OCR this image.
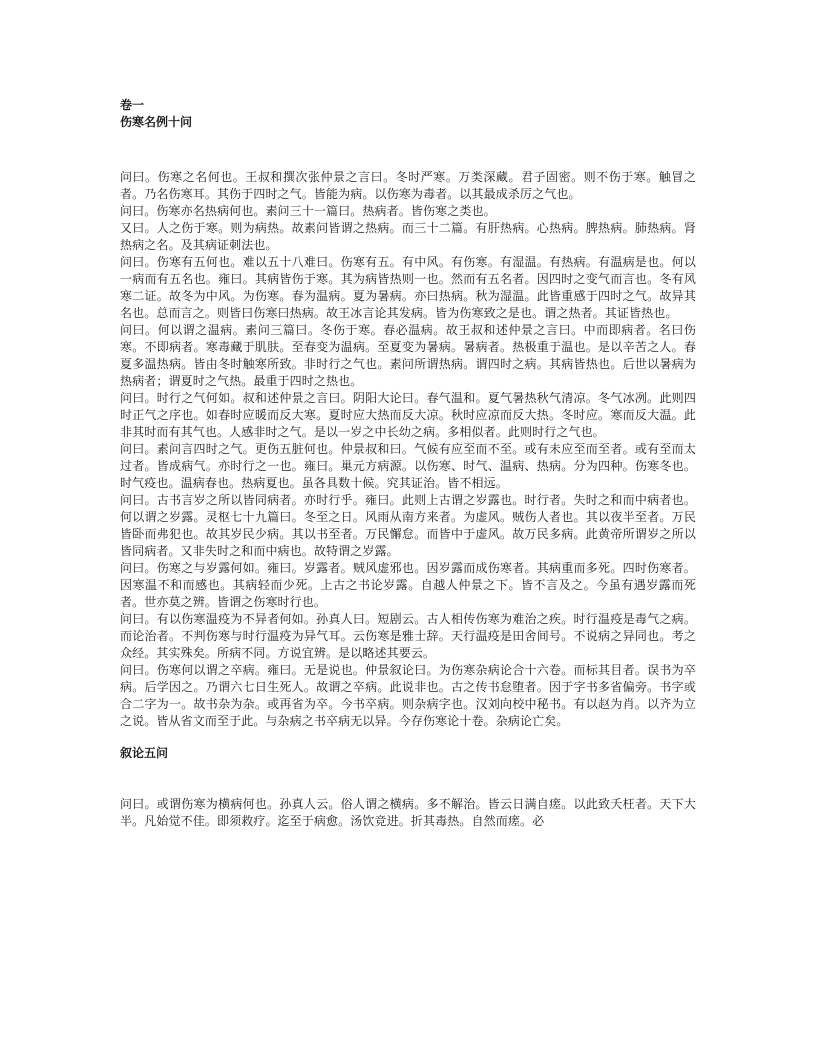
卷一
伤寒名例十问

问曰。伤寒之名何也。王叔和撰次张仲景之言曰。冬时严寒。万类深藏。君子固密。则不伤于寒。触冒之者。乃名伤寒耳。其伤于四时之气。皆能为病。以伤寒为毒者。以其最成杀厉之气也。

问曰。伤寒亦名热病何也。素问三十一篇曰。热病者。皆伤寒之类也。

又曰。人之伤于寒。则为病热。故素问皆谓之热病。而三十二篇。有肝热病。心热病。脾热病。肺热病。肾热病之名。及其病证刺法也。

问曰。伤寒有五何也。难以五十八难曰。伤寒有五。有中风。有伤寒。有湿温。有热病。有温病是也。何以一病而有五名也。雍曰。其病皆伤于寒。其为病皆热则一也。然而有五名者。因四时之变气而言也。冬有风寒二证。故冬为中风。为伤寒。春为温病。夏为暑病。亦曰热病。秋为湿温。此皆重感于四时之气。故异其名也。总而言之。则皆曰伤寒曰热病。故王冰言论其发病。皆为伤寒致之是也。谓之热者。其证皆热也。

问曰。何以谓之温病。素问三篇曰。冬伤于寒。春必温病。故王叔和述仲景之言曰。中而即病者。名曰伤寒。不即病者。寒毒藏于肌肤。至春变为温病。至夏变为暑病。暑病者。热极重于温也。是以辛苦之人。春夏多温热病。皆由冬时触寒所致。非时行之气也。素问所谓热病。谓四时之病。其病皆热也。后世以暑病为热病者；谓夏时之气热。最重于四时之热也。

问曰。时行之气何如。叔和述仲景之言曰。阴阳大论曰。春气温和。夏气暑热秋气清凉。冬气冰冽。此则四时正气之序也。如春时应暖而反大寒。夏时应大热而反大凉。秋时应凉而反大热。冬时应。寒而反大温。此非其时而有其气也。人感非时之气。是以一岁之中长幼之病。多相似者。此则时行之气也。

问曰。素问言四时之气。更伤五脏何也。仲景叔和曰。气候有应至而不至。或有未应至而至者。或有至而太过者。皆成病气。亦时行之一也。雍曰。巢元方病源。以伤寒、时气、温病、热病。分为四种。伤寒冬也。时气疫也。温病春也。热病夏也。虽各具数十候。究其证治。皆不相远。

问曰。古书言岁之所以皆同病者。亦时行乎。雍曰。此则上古谓之岁露也。时行者。失时之和而中病者也。何以谓之岁露。灵枢七十九篇曰。冬至之日。风雨从南方来者。为虚风。贼伤人者也。其以夜半至者。万民皆卧而弗犯也。故其岁民少病。其以书至者。万民懈怠。而皆中于虚风。故万民多病。此黄帝所谓岁之所以皆同病者。又非失时之和而中病也。故特谓之岁露。

问曰。伤寒之与岁露何如。雍曰。岁露者。贼风虚邪也。因岁露而成伤寒者。其病重而多死。四时伤寒者。因寒温不和而感也。其病轻而少死。上古之书论岁露。自越人仲景之下。皆不言及之。今虽有遇岁露而死者。世亦莫之辨。皆谓之伤寒时行也。

问曰。有以伤寒温疫为不异者何如。孙真人曰。短剧云。古人相传伤寒为难治之疾。时行温疫是毒气之病。而论治者。不判伤寒与时行温疫为异气耳。云伤寒是雅士辞。天行温疫是田舍间号。不说病之异同也。考之众经。其实殊矣。所病不同。方说宜辨。是以略述其要云。

问曰。伤寒何以谓之卒病。雍曰。无是说也。仲景叙论曰。为伤寒杂病论合十六卷。而标其目者。误书为卒病。后学因之。乃谓六七日生死人。故谓之卒病。此说非也。古之传书怠堕者。因于字书多省偏旁。书字或合二字为一。故书杂为杂。或再省为卒。今书卒病。则杂病字也。汉刘向校中秘书。有以赵为肖。以齐为立之说。皆从省文而至于此。与杂病之书卒病无以异。今存伤寒论十卷。杂病论亡矣。

叙论五问

问曰。或谓伤寒为横病何也。孙真人云。俗人谓之横病。多不解治。皆云日满自瘥。以此致夭枉者。天下大半。凡始觉不佳。即须救疗。迄至于病愈。汤饮竞进。折其毒热。自然而瘥。必
